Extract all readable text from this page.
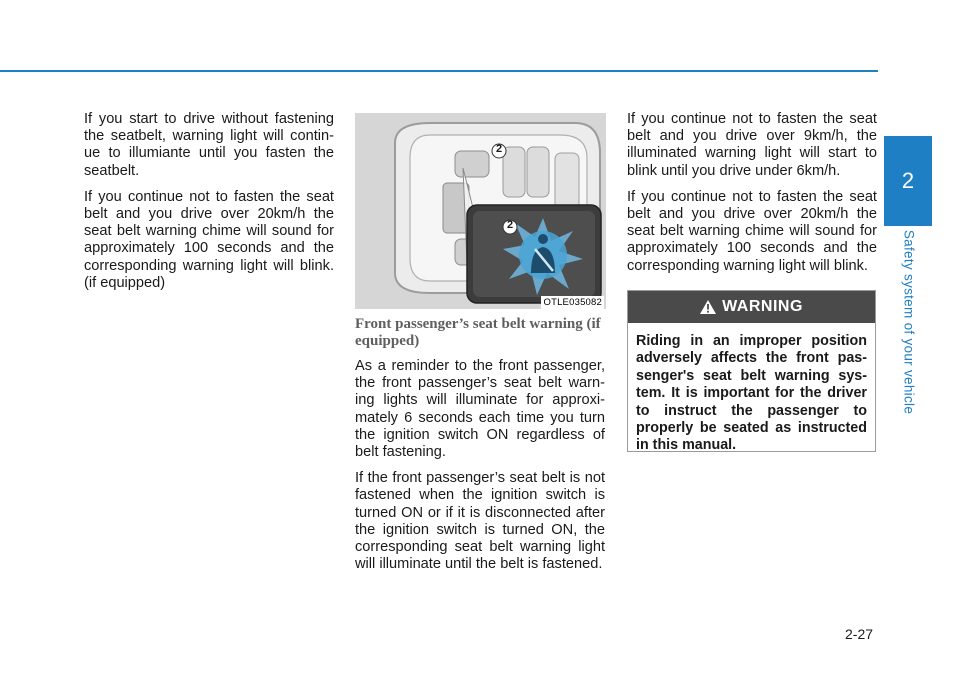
2
Safety system of your vehicle

If you start to drive without fastening the seatbelt, warning light will contin-ue to illumiante until you fasten the seatbelt.

If you continue not to fasten the seat belt and you drive over 20km/h the seat belt warning chime will sound for approximately 100 seconds and the corresponding warning light will blink. (if equipped)

2
2
OTLE035082
Front passenger’s seat belt warning (if equipped)

As a reminder to the front passenger, the front passenger’s seat belt warn-ing lights will illuminate for approxi-mately 6 seconds each time you turn the ignition switch ON regardless of belt fastening.

If the front passenger’s seat belt is not fastened when the ignition switch is turned ON or if it is disconnected after the ignition switch is turned ON, the corresponding seat belt warning light will illuminate until the belt is fastened.

If you continue not to fasten the seat belt and you drive over 9km/h, the illuminated warning light will start to blink until you drive under 6km/h.

If you continue not to fasten the seat belt and you drive over 20km/h the seat belt warning chime will sound for approximately 100 seconds and the corresponding warning light will blink.

WARNING
Riding in an improper position adversely affects the front pas-senger's seat belt warning sys-tem. It is important for the driver to instruct the passenger to properly be seated as instructed in this manual.
2-27
